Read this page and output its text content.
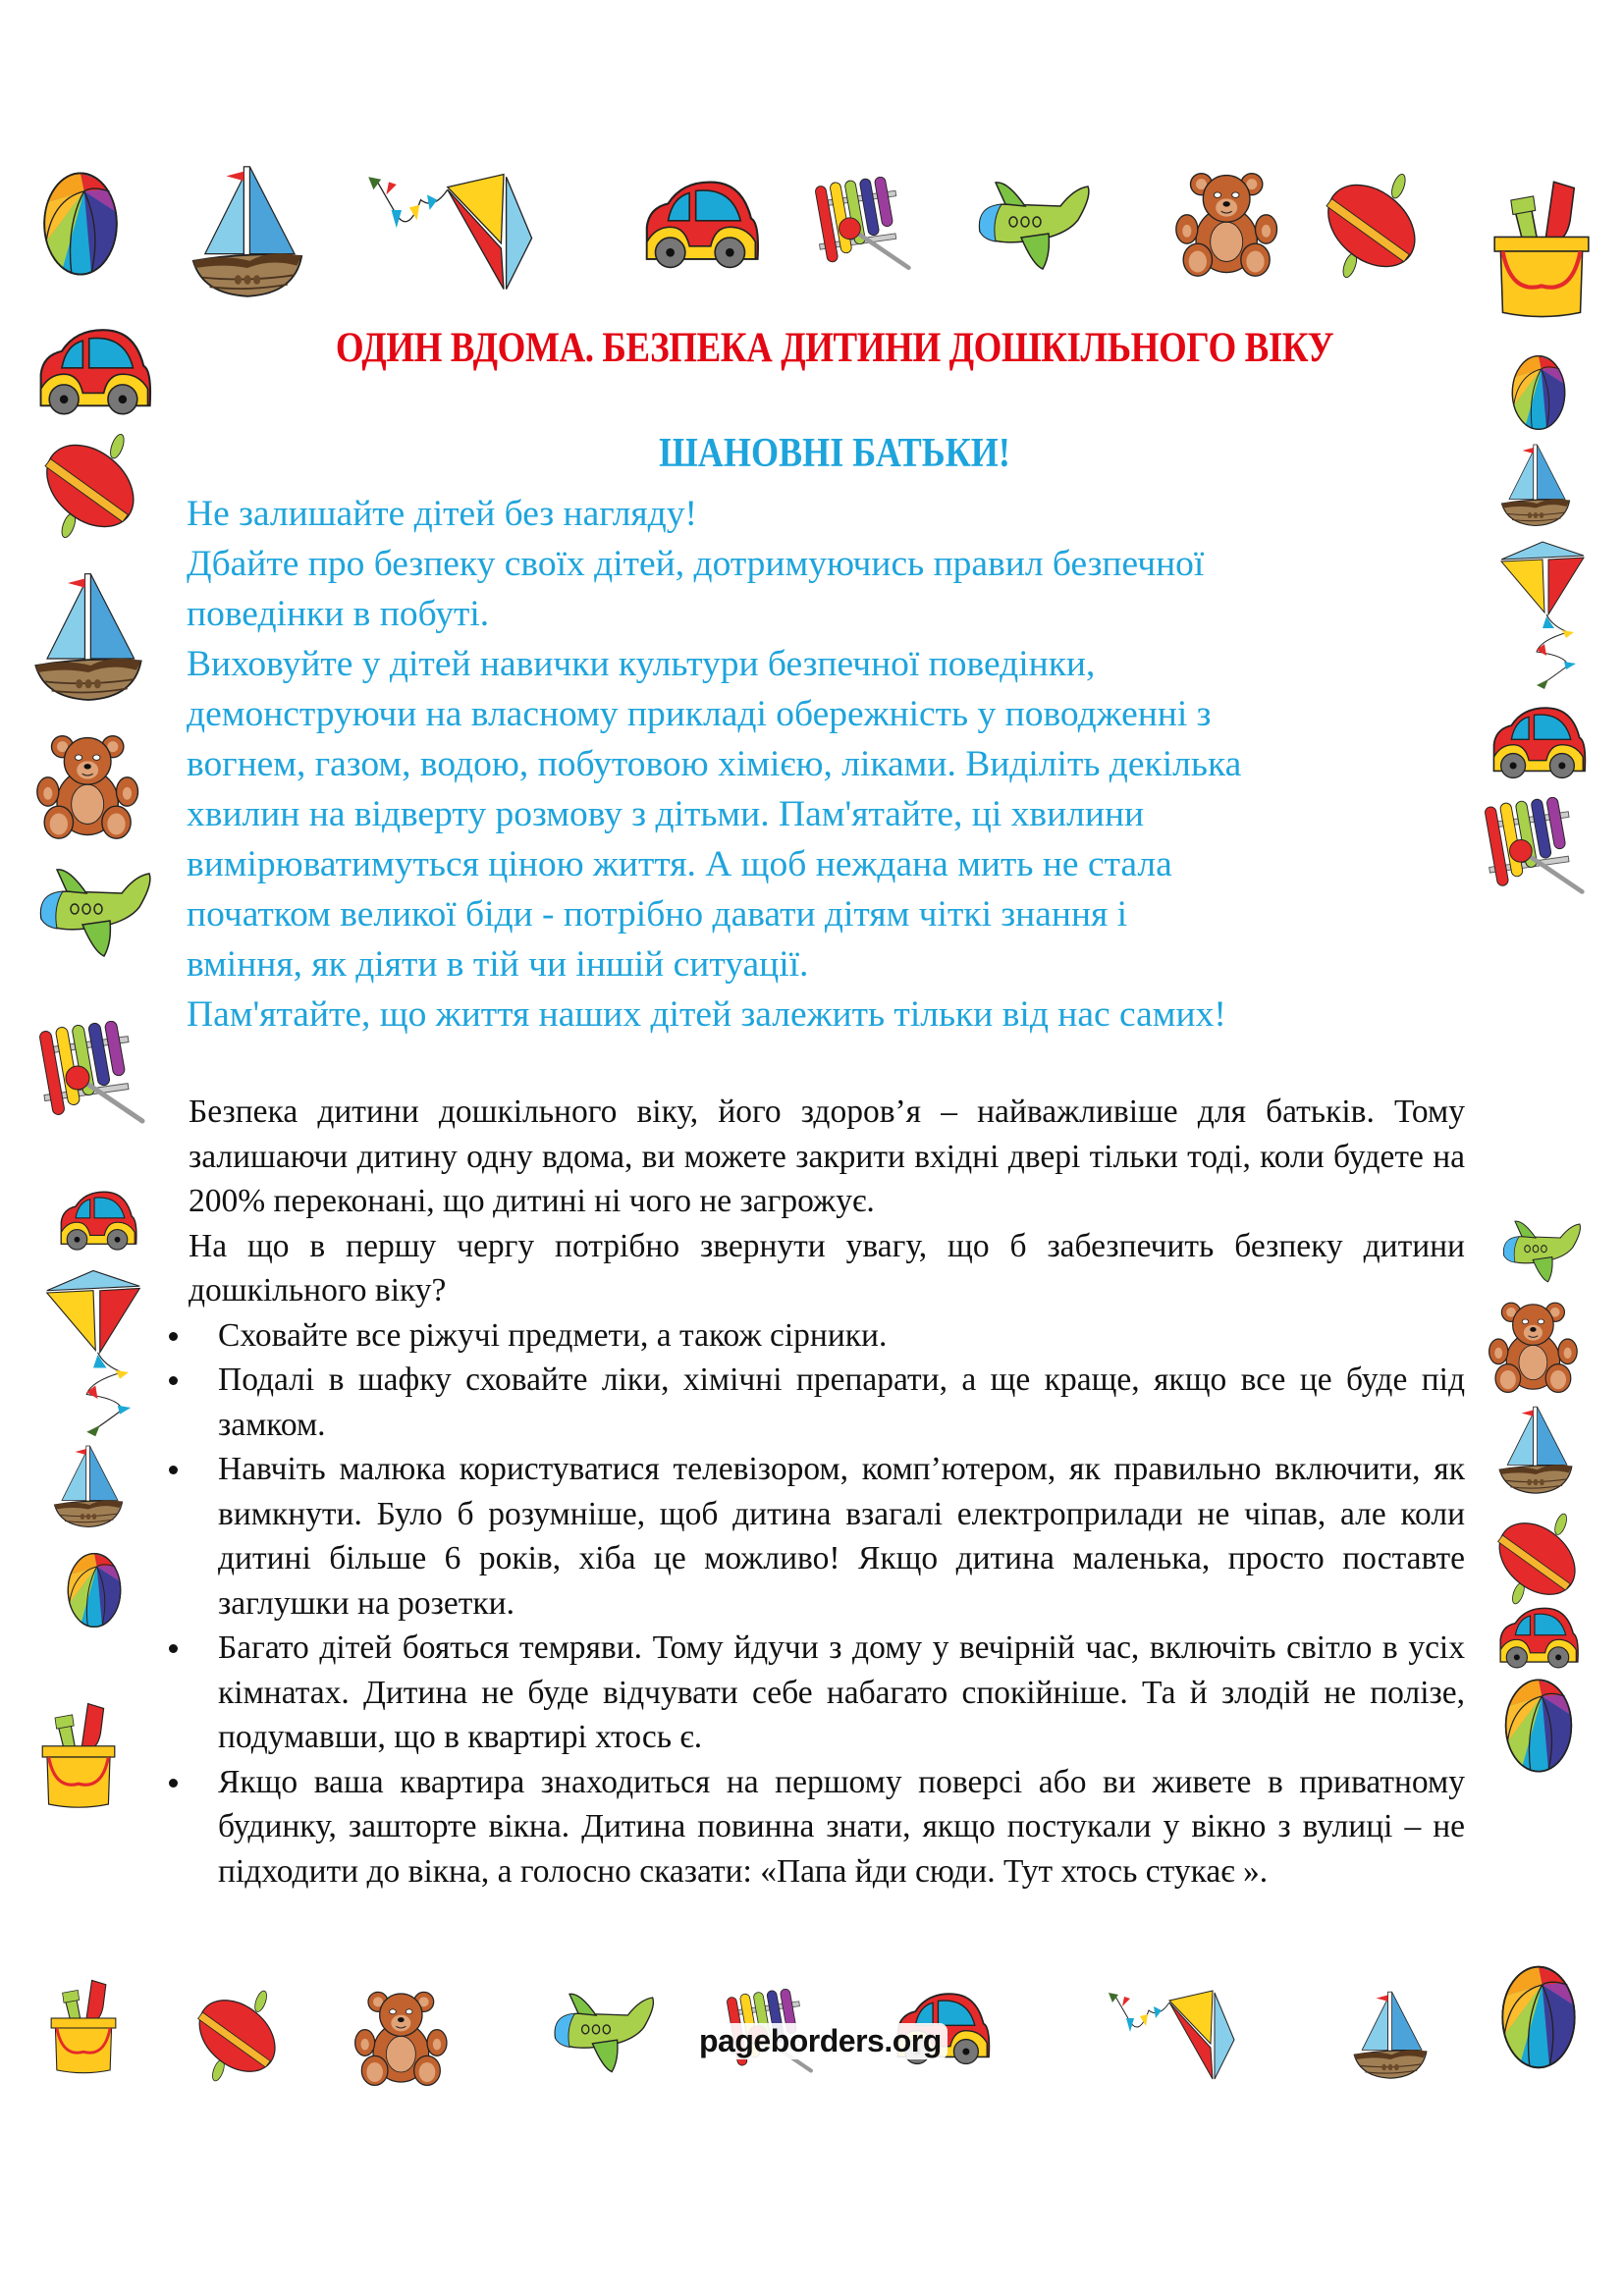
ОДИН ВДОМА. БЕЗПЕКА ДИТИНИ ДОШКІЛЬНОГО ВІКУ
ШАНОВНІ БАТЬКИ!

Не залишайте дітей без нагляду!

Дбайте про безпеку своїх дітей, дотримуючись правил безпечної

поведінки в побуті.

Виховуйте у дітей навички культури безпечної поведінки,

демонструючи на власному прикладі обережність у поводженні з

вогнем, газом, водою, побутовою хімією, ліками. Виділіть декілька

хвилин на відверту розмову з дітьми. Пам'ятайте, ці хвилини

вимірюватимуться ціною життя. А щоб неждана мить не стала

початком великої біди - потрібно давати дітям чіткі знання і

вміння, як діяти в тій чи іншій ситуації.

Пам'ятайте, що життя наших дітей залежить тільки від нас самих!

Безпека дитини дошкільного віку, його здоров’я – найважливіше для батьків. Тому залишаючи дитину одну вдома, ви можете закрити вхідні двері тільки тоді, коли будете на 200% переконані, що дитині ні чого не загрожує.

На що в першу чергу потрібно звернути увагу, що б забезпечить безпеку дитини дошкільного віку?

Сховайте все ріжучі предмети, а також сірники.
Подалі в шафку сховайте ліки, хімічні препарати, а ще краще, якщо все це буде під замком.
Навчіть малюка користуватися телевізором, комп’ютером, як правильно включити, як вимкнути. Було б розумніше, щоб дитина взагалі електроприлади не чіпав, але коли дитині більше 6 років, хіба це можливо! Якщо дитина маленька, просто поставте заглушки на розетки.
Багато дітей бояться темряви. Тому йдучи з дому у вечірній час, включіть світло в усіх кімнатах. Дитина не буде відчувати себе набагато спокійніше. Та й злодій не полізе, подумавши, що в квартирі хтось є.
Якщо ваша квартира знаходиться на першому поверсі або ви живете в приватному будинку, зашторте вікна. Дитина повинна знати, якщо постукали у вікно з вулиці – не підходити до вікна, а голосно сказати: «Папа йди сюди. Тут хтось стукає ».
pageborders.org
